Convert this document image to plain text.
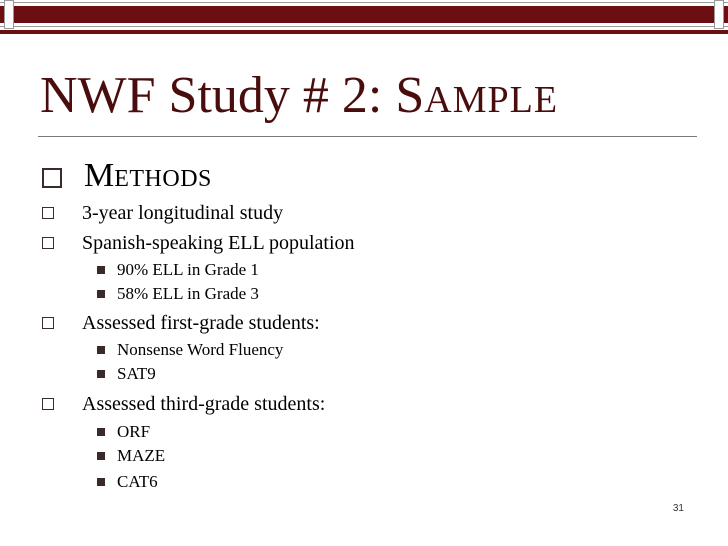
NWF Study # 2: SAMPLE
METHODS
3-year longitudinal study
Spanish-speaking ELL population
90% ELL in Grade 1
58% ELL in Grade 3
Assessed first-grade students:
Nonsense Word Fluency
SAT9
Assessed third-grade students:
ORF
MAZE
CAT6
31
